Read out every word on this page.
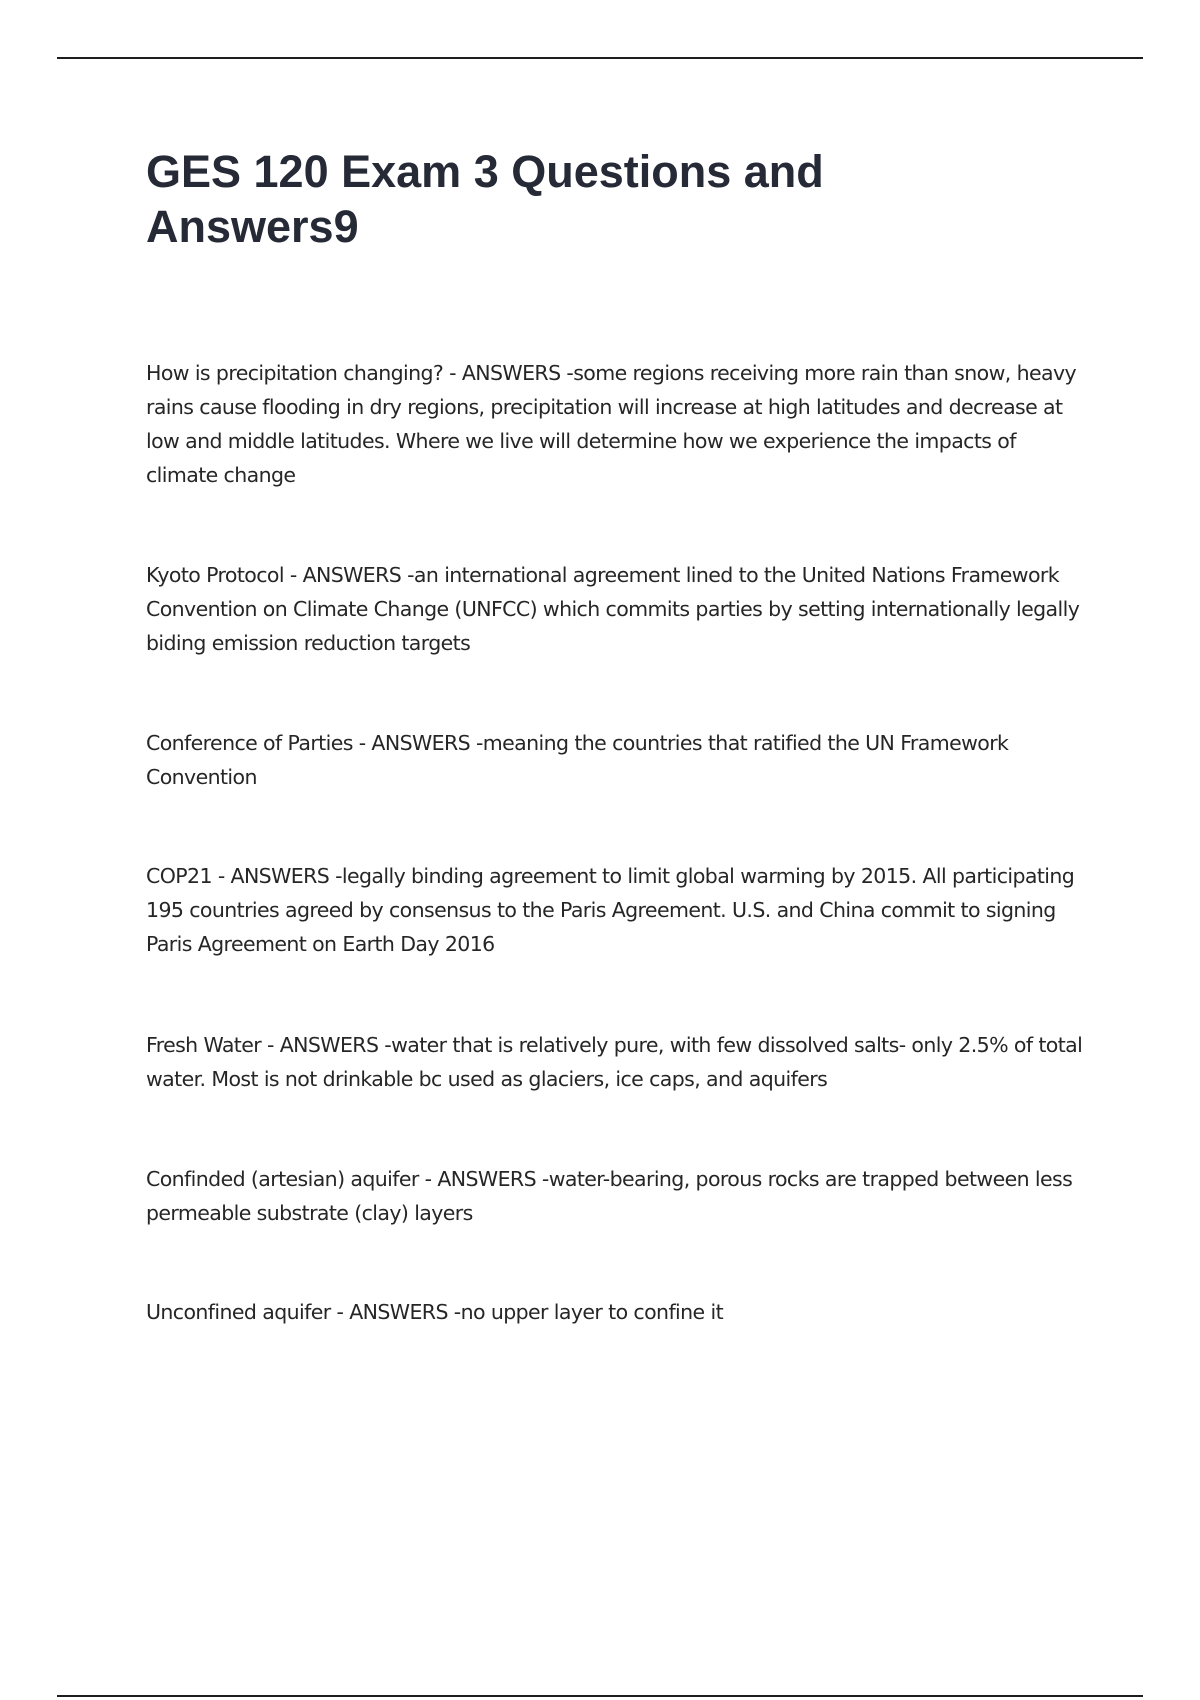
GES 120 Exam 3 Questions and Answers9

How is precipitation changing? - ANSWERS -some regions receiving more rain than snow, heavy rains cause flooding in dry regions, precipitation will increase at high latitudes and decrease at low and middle latitudes. Where we live will determine how we experience the impacts of climate change

Kyoto Protocol - ANSWERS -an international agreement lined to the United Nations Framework Convention on Climate Change (UNFCC) which commits parties by setting internationally legally biding emission reduction targets

Conference of Parties - ANSWERS -meaning the countries that ratified the UN Framework Convention

COP21 - ANSWERS -legally binding agreement to limit global warming by 2015. All participating 195 countries agreed by consensus to the Paris Agreement. U.S. and China commit to signing Paris Agreement on Earth Day 2016

Fresh Water - ANSWERS -water that is relatively pure, with few dissolved salts- only 2.5% of total water. Most is not drinkable bc used as glaciers, ice caps, and aquifers

Confinded (artesian) aquifer - ANSWERS -water-bearing, porous rocks are trapped between less permeable substrate (clay) layers

Unconfined aquifer - ANSWERS -no upper layer to confine it
